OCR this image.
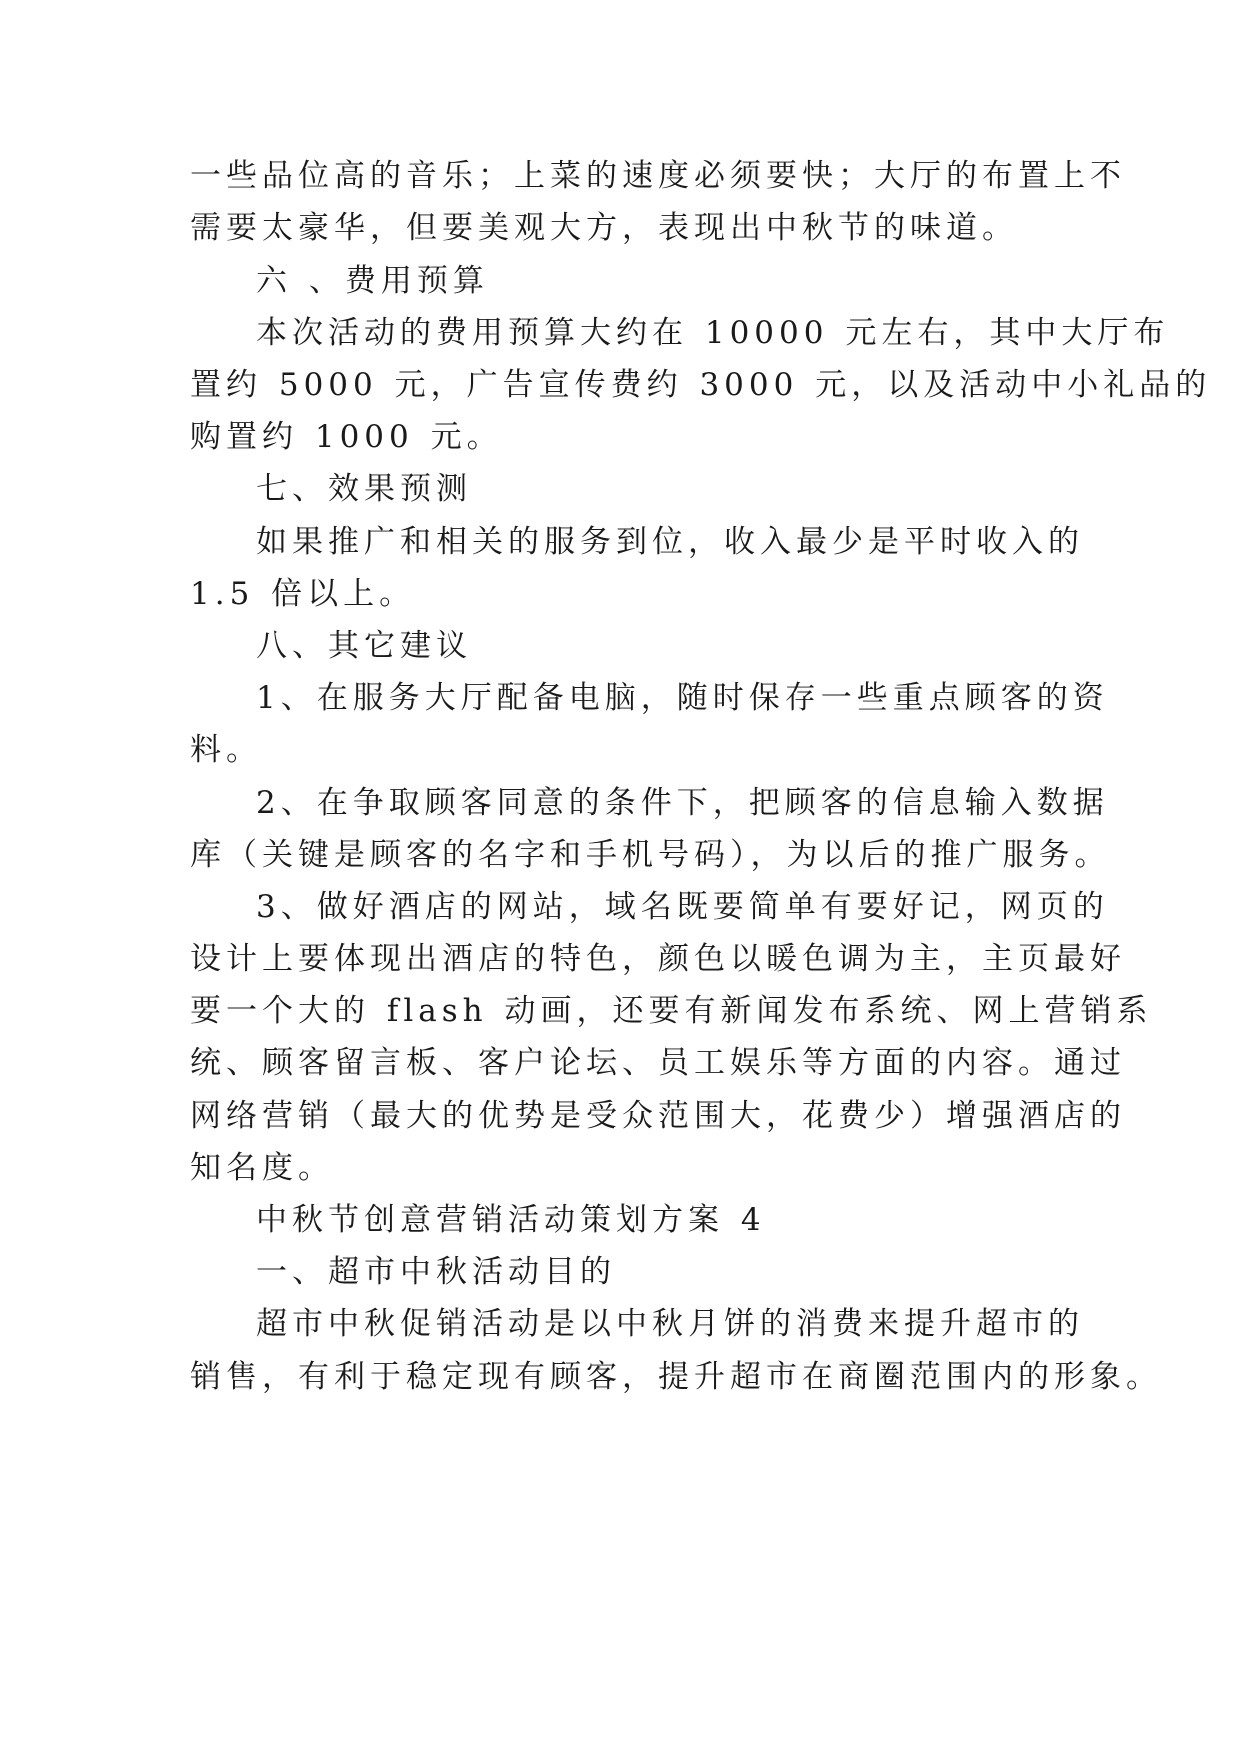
一些品位高的音乐；上菜的速度必须要快；大厅的布置上不
需要太豪华，但要美观大方，表现出中秋节的味道。
六 、费用预算
本次活动的费用预算大约在 10000 元左右，其中大厅布
置约 5000 元，广告宣传费约 3000 元，以及活动中小礼品的
购置约 1000 元。
七、效果预测
如果推广和相关的服务到位，收入最少是平时收入的
1.5 倍以上。
八、其它建议
1、在服务大厅配备电脑，随时保存一些重点顾客的资
料。
2、在争取顾客同意的条件下，把顾客的信息输入数据
库（关键是顾客的名字和手机号码），为以后的推广服务。
3、做好酒店的网站，域名既要简单有要好记，网页的
设计上要体现出酒店的特色，颜色以暖色调为主，主页最好
要一个大的 flash 动画，还要有新闻发布系统、网上营销系
统、顾客留言板、客户论坛、员工娱乐等方面的内容。通过
网络营销（最大的优势是受众范围大，花费少）增强酒店的
知名度。
中秋节创意营销活动策划方案 4
一、超市中秋活动目的
超市中秋促销活动是以中秋月饼的消费来提升超市的
销售，有利于稳定现有顾客，提升超市在商圈范围内的形象。
